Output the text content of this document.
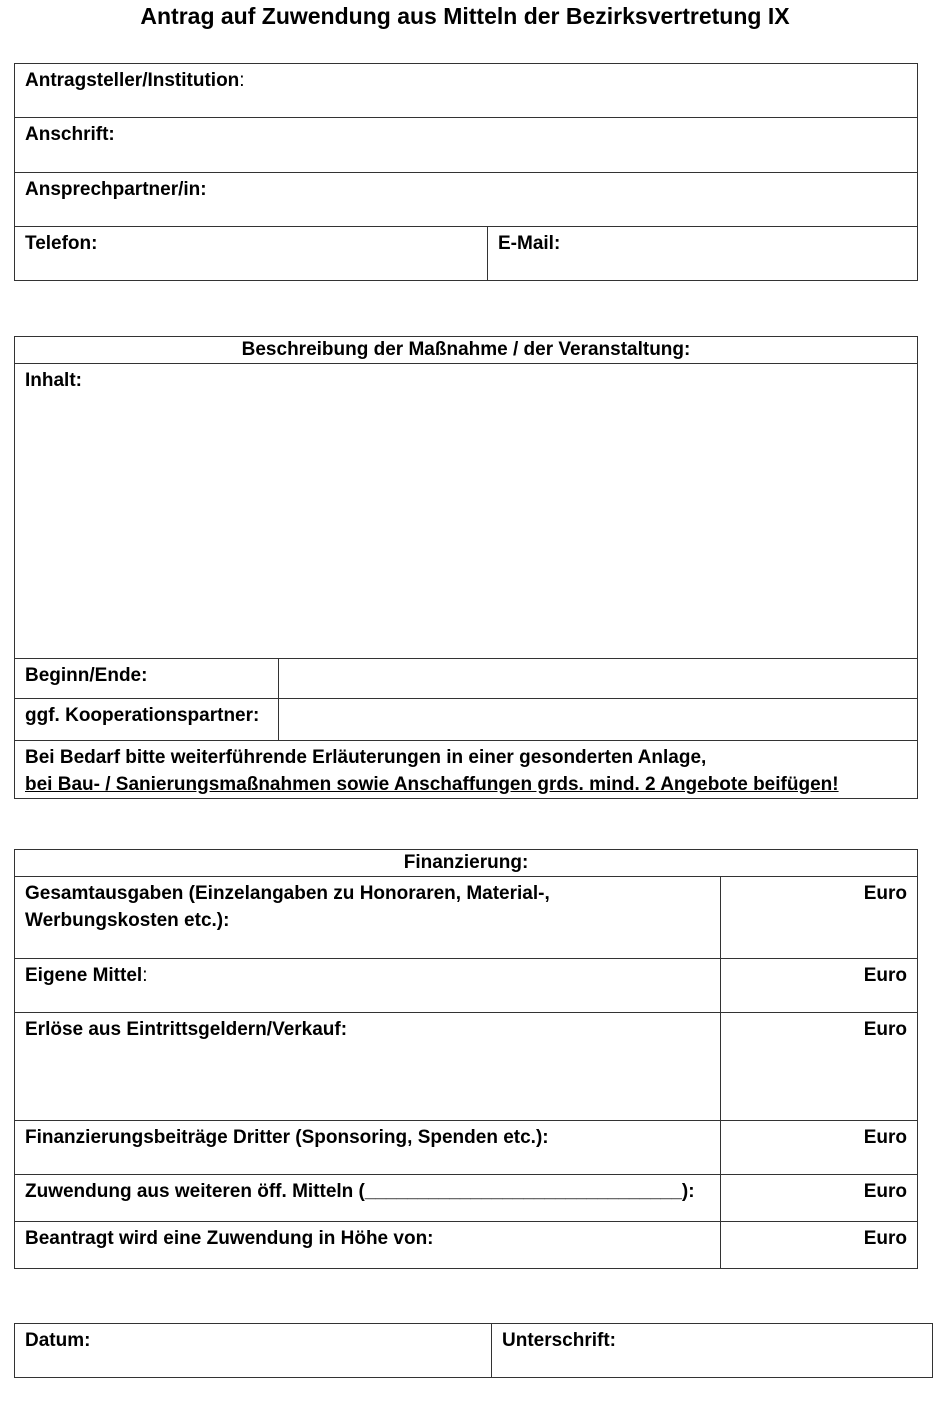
Antrag auf Zuwendung aus Mitteln der Bezirksvertretung IX
Antragsteller/Institution:
Anschrift:
Ansprechpartner/in:
Telefon:	E-Mail:
Beschreibung der Maßnahme / der Veranstaltung:	
Inhalt:	
Beginn/Ende:	
ggf. Kooperationspartner:	

Bei Bedarf bitte weiterführende Erläuterungen in einer gesonderten Anlage,
bei Bau- / Sanierungsmaßnahmen sowie Anschaffungen grds. mind. 2 Angebote beifügen!	
Finanzierung:	
Gesamtausgaben (Einzelangaben zu Honoraren, Material-, Werbungskosten etc.):	Euro
Eigene Mittel:	Euro
Erlöse aus Eintrittsgeldern/Verkauf:	Euro
Finanzierungsbeiträge Dritter (Sponsoring, Spenden etc.):	Euro
Zuwendung aus weiteren öff. Mitteln (______________________________):	Euro
Beantragt wird eine Zuwendung in Höhe von:	Euro
Datum:	Unterschrift:
